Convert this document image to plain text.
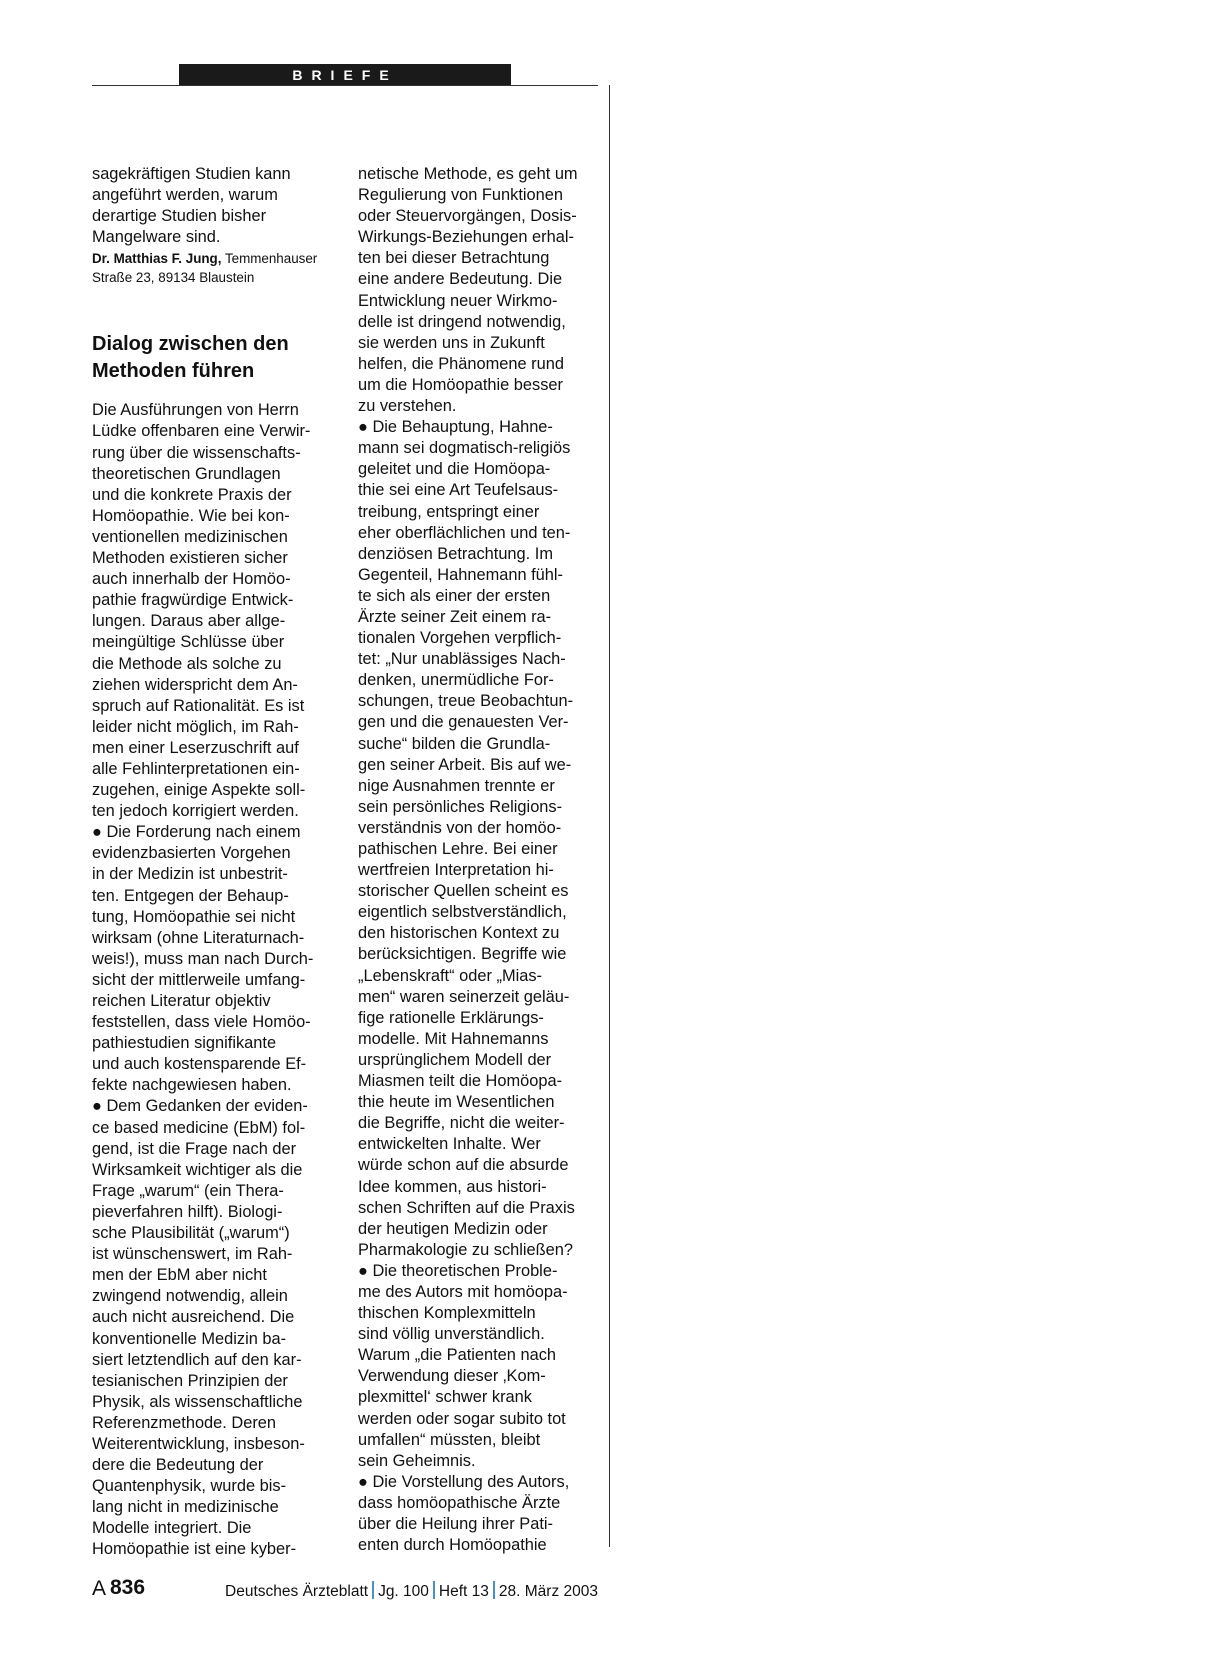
BRIEFE
sagekräftigen Studien kann
angeführt werden, warum
derartige Studien bisher
Mangelware sind.
Dr. Matthias F. Jung, Temmenhauser
Straße 23, 89134 Blaustein
Dialog zwischen den
Methoden führen
Die Ausführungen von Herrn
Lüdke offenbaren eine Verwir-
rung über die wissenschafts-
theoretischen Grundlagen
und die konkrete Praxis der
Homöopathie. Wie bei kon-
ventionellen medizinischen
Methoden existieren sicher
auch innerhalb der Homöo-
pathie fragwürdige Entwick-
lungen. Daraus aber allge-
meingültige Schlüsse über
die Methode als solche zu
ziehen widerspricht dem An-
spruch auf Rationalität. Es ist
leider nicht möglich, im Rah-
men einer Leserzuschrift auf
alle Fehlinterpretationen ein-
zugehen, einige Aspekte soll-
ten jedoch korrigiert werden.
● Die Forderung nach einem
evidenzbasierten Vorgehen
in der Medizin ist unbestrit-
ten. Entgegen der Behaup-
tung, Homöopathie sei nicht
wirksam (ohne Literaturnach-
weis!), muss man nach Durch-
sicht der mittlerweile umfang-
reichen Literatur objektiv
feststellen, dass viele Homöo-
pathiestudien signifikante
und auch kostensparende Ef-
fekte nachgewiesen haben.
● Dem Gedanken der eviden-
ce based medicine (EbM) fol-
gend, ist die Frage nach der
Wirksamkeit wichtiger als die
Frage „warum“ (ein Thera-
pieverfahren hilft). Biologi-
sche Plausibilität („warum“)
ist wünschenswert, im Rah-
men der EbM aber nicht
zwingend notwendig, allein
auch nicht ausreichend. Die
konventionelle Medizin ba-
siert letztendlich auf den kar-
tesianischen Prinzipien der
Physik, als wissenschaftliche
Referenzmethode. Deren
Weiterentwicklung, insbeson-
dere die Bedeutung der
Quantenphysik, wurde bis-
lang nicht in medizinische
Modelle integriert. Die
Homöopathie ist eine kyber-
netische Methode, es geht um
Regulierung von Funktionen
oder Steuervorgängen, Dosis-
Wirkungs-Beziehungen erhal-
ten bei dieser Betrachtung
eine andere Bedeutung. Die
Entwicklung neuer Wirkmo-
delle ist dringend notwendig,
sie werden uns in Zukunft
helfen, die Phänomene rund
um die Homöopathie besser
zu verstehen.
● Die Behauptung, Hahne-
mann sei dogmatisch-religiös
geleitet und die Homöopa-
thie sei eine Art Teufelsaus-
treibung, entspringt einer
eher oberflächlichen und ten-
denziösen Betrachtung. Im
Gegenteil, Hahnemann fühl-
te sich als einer der ersten
Ärzte seiner Zeit einem ra-
tionalen Vorgehen verpflich-
tet: „Nur unablässiges Nach-
denken, unermüdliche For-
schungen, treue Beobachtun-
gen und die genauesten Ver-
suche“ bilden die Grundla-
gen seiner Arbeit. Bis auf we-
nige Ausnahmen trennte er
sein persönliches Religions-
verständnis von der homöo-
pathischen Lehre. Bei einer
wertfreien Interpretation hi-
storischer Quellen scheint es
eigentlich selbstverständlich,
den historischen Kontext zu
berücksichtigen. Begriffe wie
„Lebenskraft“ oder „Mias-
men“ waren seinerzeit geläu-
fige rationelle Erklärungs-
modelle. Mit Hahnemanns
ursprünglichem Modell der
Miasmen teilt die Homöopa-
thie heute im Wesentlichen
die Begriffe, nicht die weiter-
entwickelten Inhalte. Wer
würde schon auf die absurde
Idee kommen, aus histori-
schen Schriften auf die Praxis
der heutigen Medizin oder
Pharmakologie zu schließen?
● Die theoretischen Proble-
me des Autors mit homöopa-
thischen Komplexmitteln
sind völlig unverständlich.
Warum „die Patienten nach
Verwendung dieser ‚Kom-
plexmittel‘ schwer krank
werden oder sogar subito tot
umfallen“ müssten, bleibt
sein Geheimnis.
● Die Vorstellung des Autors,
dass homöopathische Ärzte
über die Heilung ihrer Pati-
enten durch Homöopathie
A 836	Deutsches Ärzteblatt Jg. 100 Heft 13 28. März 2003
